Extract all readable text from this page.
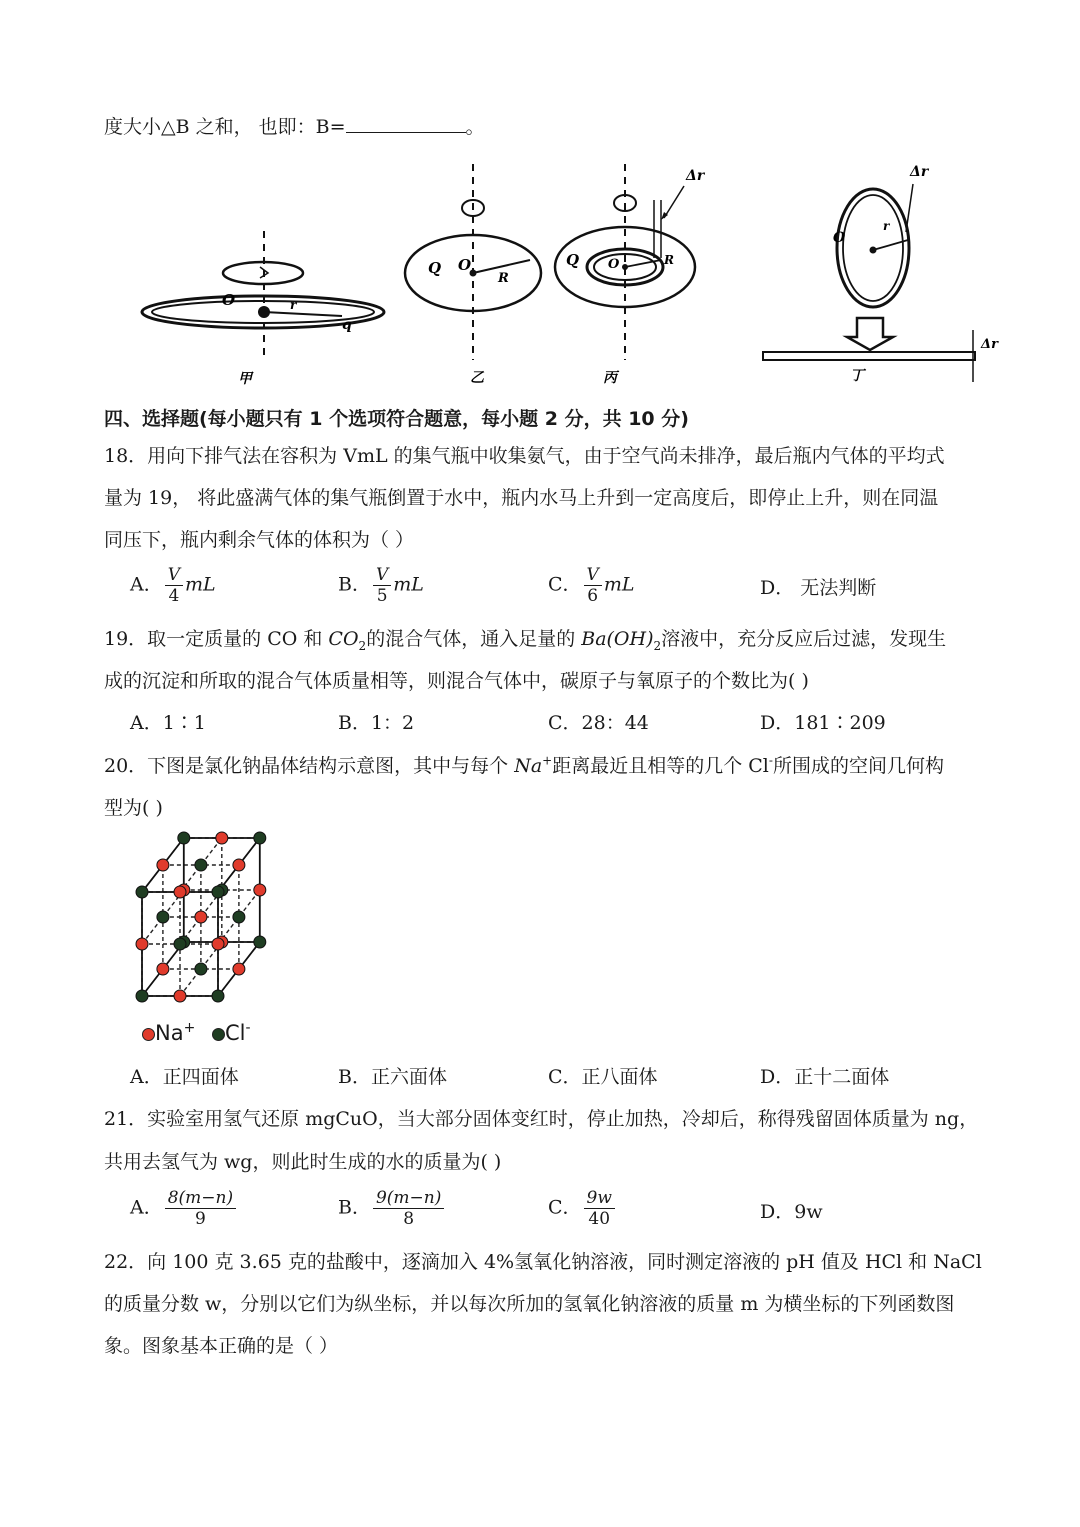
度大小△B 之和， 也即：B=	。
O	r
q
甲
Q O
R
乙
Δr
Q O	R
丙
Δr
O
r
Δr
丁
四、选择题(每小题只有 1 个选项符合题意，每小题 2 分，共 10 分)
18．用向下排气法在容积为 VmL 的集气瓶中收集氨气，由于空气尚未排净，最后瓶内气体的平均式
量为 19， 将此盛满气体的集气瓶倒置于水中，瓶内水马上升到一定高度后，即停止上升，则在同温
同压下，瓶内剩余气体的体积为（ ）
A． $\frac{V}{4}$ mL	B． $\frac{V}{5}$ mL	C． $\frac{V}{6}$ mL	D． 无法判断
19．取一定质量的 CO 和 $CO_2$的混合气体，通入足量的 $Ba(OH)_2$溶液中，充分反应后过滤，发现生
成的沉淀和所取的混合气体质量相等，则混合气体中，碳原子与氧原子的个数比为( )
A．1∶1	B．1：2	C．28：44	D．181∶209
20．下图是氯化钠晶体结构示意图，其中与每个 Na+距离最近且相等的几个 Cl-所围成的空间几何构
型为( )
Na+ Cl-
A．正四面体	B．正六面体	C．正八面体	D．正十二面体
21．实验室用氢气还原 mgCuO，当大部分固体变红时，停止加热，冷却后，称得残留固体质量为 ng，
共用去氢气为 wg，则此时生成的水的质量为( )
A． $\frac{8(m-n)}{9}$	B． $\frac{9(m-n)}{8}$	C． $\frac{9w}{40}$	D．9w
22．向 100 克 3.65 克的盐酸中，逐滴加入 4%氢氧化钠溶液，同时测定溶液的 pH 值及 HCl 和 NaCl
的质量分数 w，分别以它们为纵坐标，并以每次所加的氢氧化钠溶液的质量 m 为横坐标的下列函数图
象。图象基本正确的是（ ）
